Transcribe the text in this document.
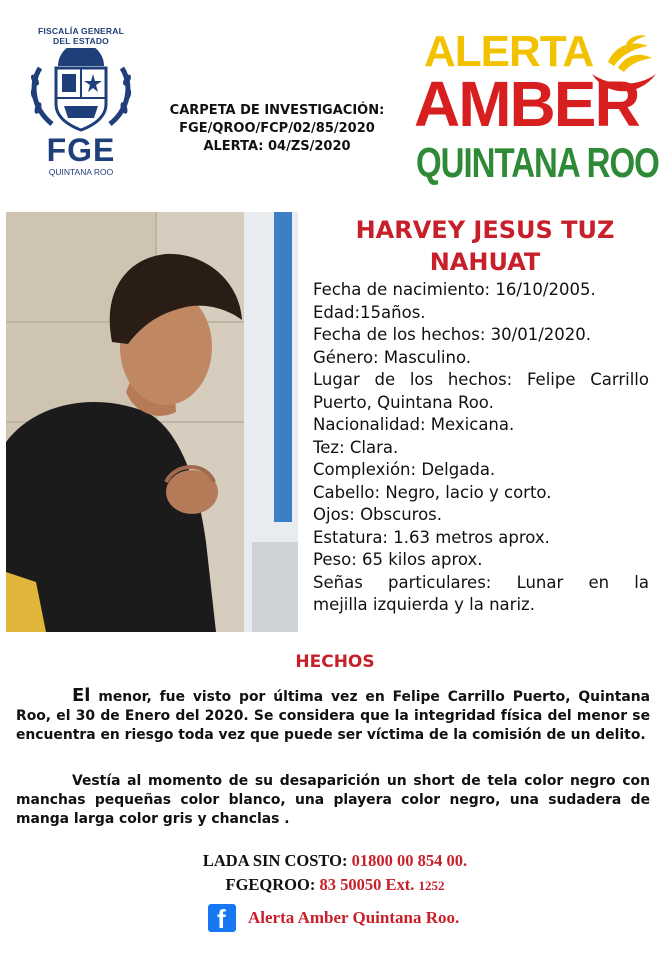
FISCALÍA GENERAL
DEL ESTADO
FGE
QUINTANA ROO
CARPETA DE INVESTIGACIÓN:
FGE/QROO/FCP/02/85/2020
ALERTA: 04/ZS/2020
ALERTA
AMBER
QUINTANA ROO
HARVEY JESUS TUZ
NAHUAT
Fecha de nacimiento: 16/10/2005.
Edad:15años.
Fecha de los hechos: 30/01/2020.
Género: Masculino.
Lugar de los hechos: Felipe Carrillo
Puerto, Quintana Roo.
Nacionalidad: Mexicana.
Tez: Clara.
Complexión: Delgada.
Cabello: Negro, lacio y corto.
Ojos: Obscuros.
Estatura: 1.63 metros aprox.
Peso: 65 kilos aprox.
Señas particulares: Lunar en la
mejilla izquierda y la nariz.
HECHOS
El menor, fue visto por última vez en Felipe Carrillo Puerto, Quintana Roo, el 30 de Enero del 2020. Se considera que la integridad física del menor se encuentra en riesgo toda vez que puede ser víctima de la comisión de un delito.
Vestía al momento de su desaparición un short de tela color negro con manchas pequeñas color blanco, una playera color negro, una sudadera de manga larga color gris y chanclas .
LADA SIN COSTO: 01800 00 854 00.
FGEQROO: 83 50050 Ext. 1252
f Alerta Amber Quintana Roo.
